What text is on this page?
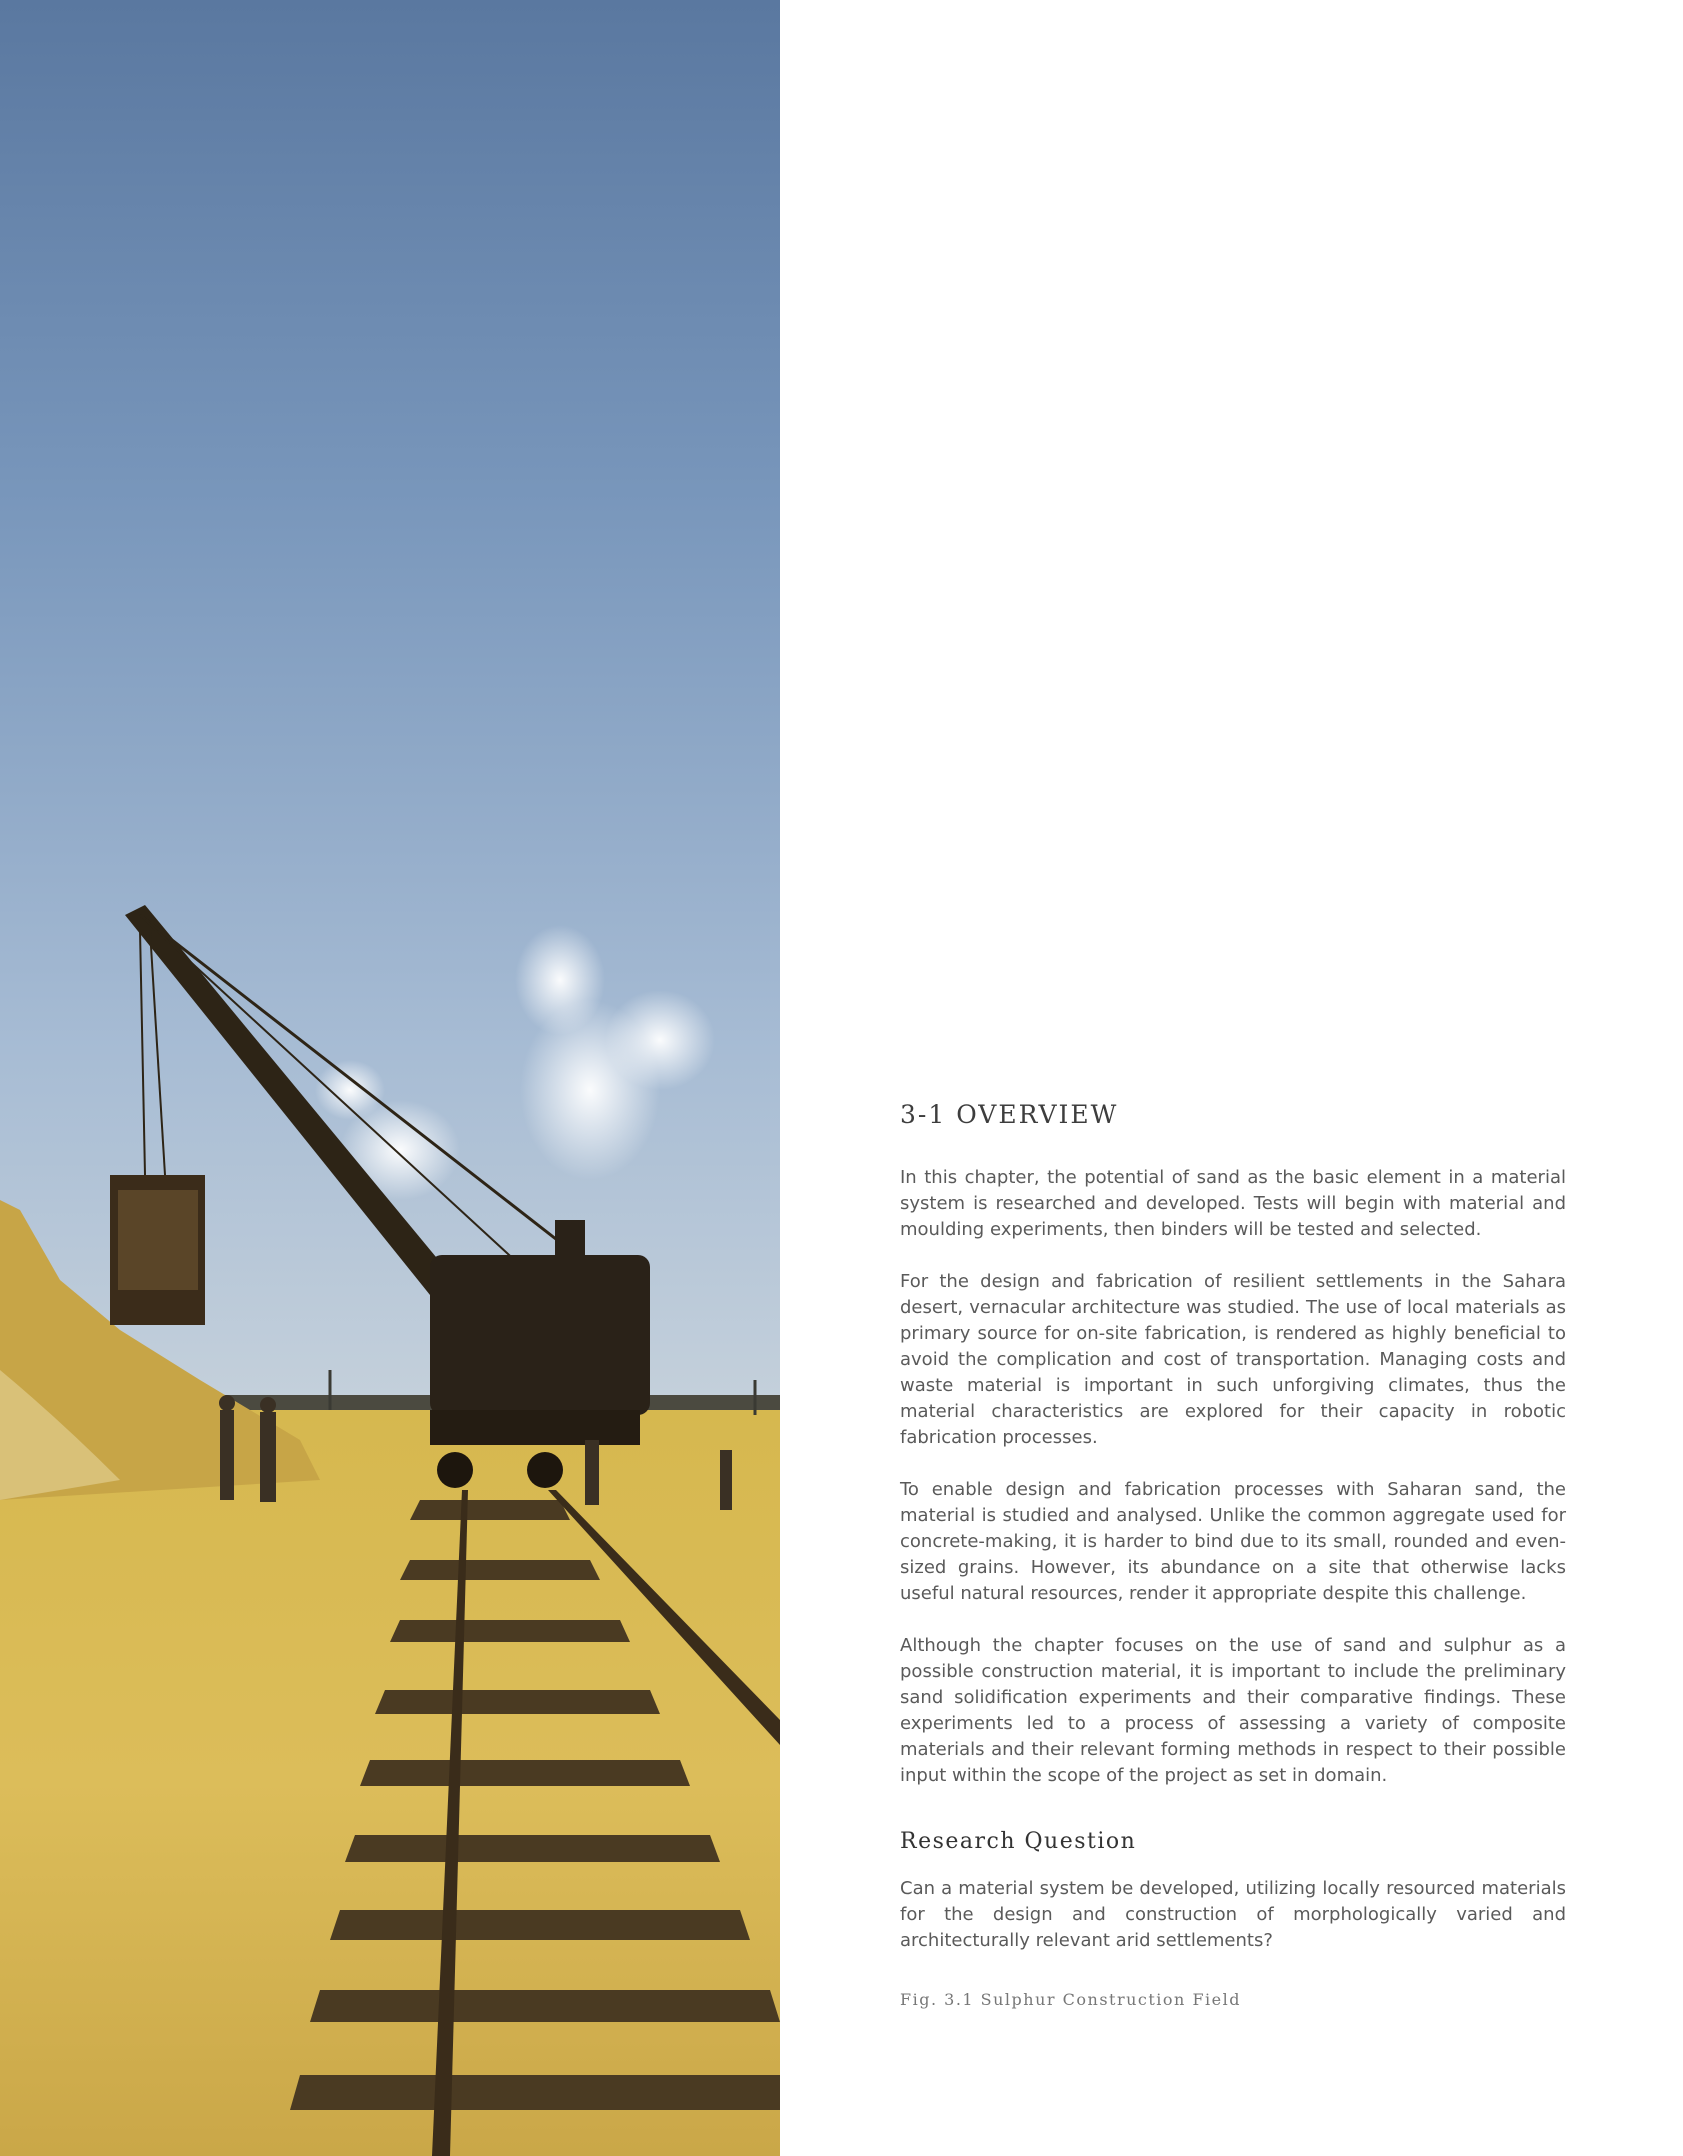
3-1 OVERVIEW

In this chapter, the potential of sand as the basic element in a material system is researched and developed. Tests will begin with material and moulding experiments, then binders will be tested and selected.

For the design and fabrication of resilient settlements in the Sahara desert, vernacular architecture was studied. The use of local materials as primary source for on-site fabrication, is rendered as highly beneficial to avoid the complication and cost of transportation. Managing costs and waste material is important in such unforgiving climates, thus the material characteristics are explored for their capacity in robotic fabrication processes.

To enable design and fabrication processes with Saharan sand, the material is studied and analysed. Unlike the common aggregate used for concrete-making, it is harder to bind due to its small, rounded and even-sized grains. However, its abundance on a site that otherwise lacks useful natural resources, render it appropriate despite this challenge.

Although the chapter focuses on the use of sand and sulphur as a possible construction material, it is important to include the preliminary sand solidification experiments and their comparative findings. These experiments led to a process of assessing a variety of composite materials and their relevant forming methods in respect to their possible input within the scope of the project as set in domain.

Research Question

Can a material system be developed, utilizing locally resourced materials for the design and construction of morphologically varied and architecturally relevant arid settlements?

Fig. 3.1 Sulphur Construction Field
